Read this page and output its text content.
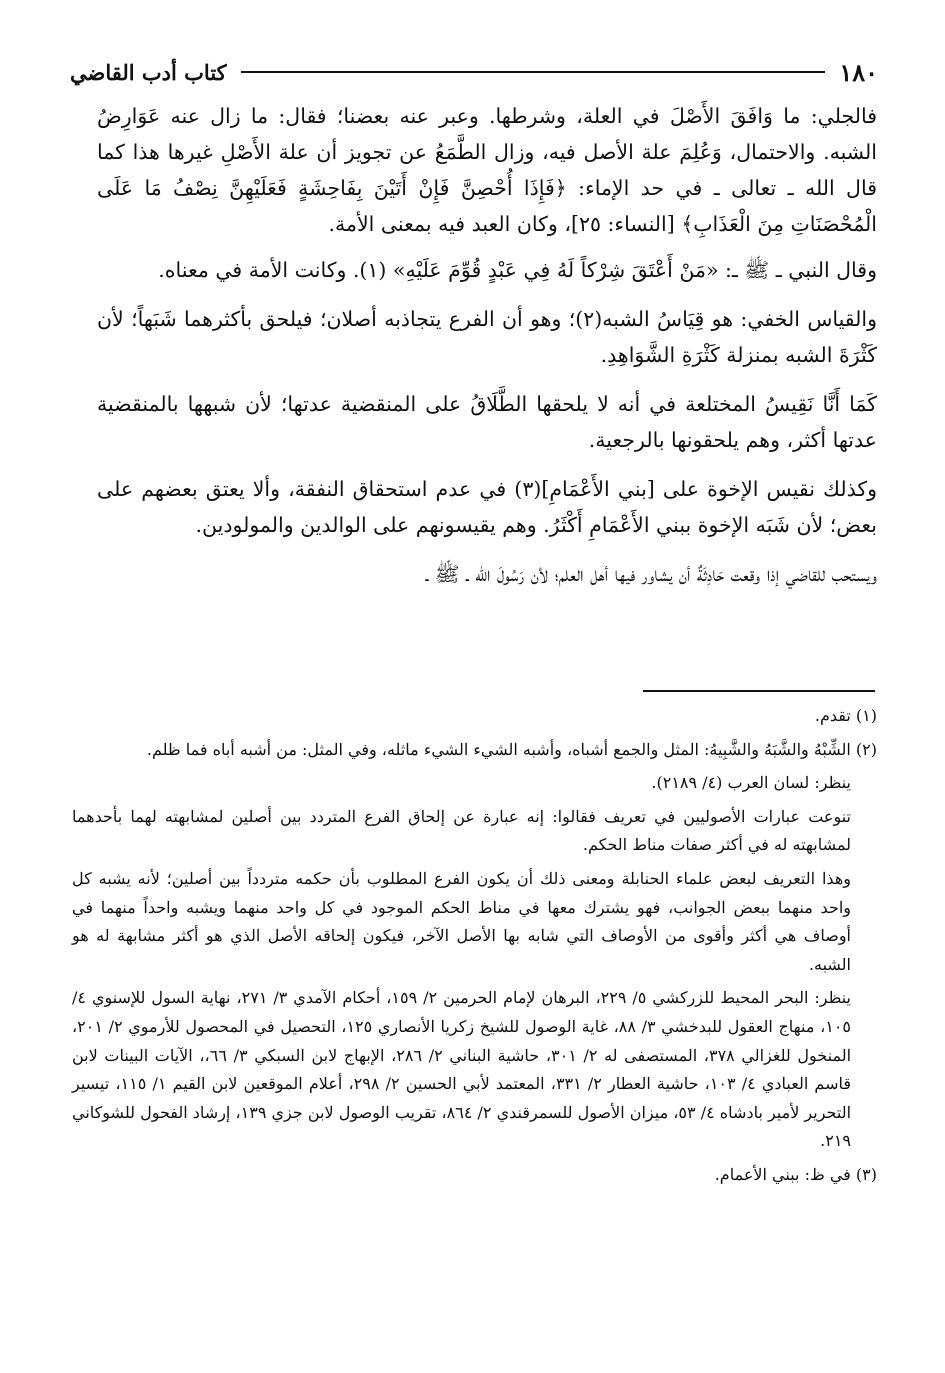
١٨٠
كتاب أدب القاضي

فالجلي: ما وَافَقَ الأَصْلَ في العلة، وشرطها. وعبر عنه بعضنا؛ فقال: ما زال عنه عَوَارِضُ الشبه. والاحتمال، وَعُلِمَ علة الأصل فيه، وزال الطَّمَعُ عن تجويز أن علة الأَصْلِ غيرها هذا كما قال الله ـ تعالى ـ في حد الإماء: ﴿فَإِذَا أُحْصِنَّ فَإِنْ أَتَيْنَ بِفَاحِشَةٍ فَعَلَيْهِنَّ نِصْفُ مَا عَلَى الْمُحْصَنَاتِ مِنَ الْعَذَابِ﴾ [النساء: ٢٥]، وكان العبد فيه بمعنى الأمة.

وقال النبي ـ ﷺ ـ: «مَنْ أَعْتَقَ شِرْكاً لَهُ فِي عَبْدٍ قُوِّمَ عَلَيْهِ» (١). وكانت الأمة في معناه.

والقياس الخفي: هو قِيَاسُ الشبه(٢)؛ وهو أن الفرع يتجاذبه أصلان؛ فيلحق بأكثرهما شَبَهاً؛ لأن كَثْرَةَ الشبه بمنزلة كَثْرَةِ الشَّوَاهِدِ.

كَمَا أَنَّا نَقِيسُ المختلعة في أنه لا يلحقها الطَّلَاقُ على المنقضية عدتها؛ لأن شبهها بالمنقضية عدتها أكثر، وهم يلحقونها بالرجعية.

وكذلك نقيس الإخوة على [بني الأَعْمَامِ](٣) في عدم استحقاق النفقة، وألا يعتق بعضهم على بعض؛ لأن شَبَه الإخوة ببني الأَعْمَامِ أَكْثَرُ. وهم يقيسونهم على الوالدين والمولودين.

ويستحب للقاضي إذا وقعت حَادِثَةٌ أن يشاور فيها أهل العلم؛ لأن رَسُولَ الله ـ ﷺ ـ

(١) تقدم.

(٢) الشِّبْهُ والشَّبَهُ والشَّبِيهُ: المثل والجمع أشباه، وأشبه الشيء الشيء ماثله، وفي المثل: من أشبه أباه فما ظلم.

ينظر: لسان العرب (٤/ ٢١٨٩).

تنوعت عبارات الأصوليين في تعريف فقالوا: إنه عبارة عن إلحاق الفرع المتردد بين أصلين لمشابهته لهما بأحدهما لمشابهته له في أكثر صفات مناط الحكم.

وهذا التعريف لبعض علماء الحنابلة ومعنى ذلك أن يكون الفرع المطلوب بأن حكمه متردداً بين أصلين؛ لأنه يشبه كل واحد منهما ببعض الجوانب، فهو يشترك معها في مناط الحكم الموجود في كل واحد منهما ويشبه واحداً منهما في أوصاف هي أكثر وأقوى من الأوصاف التي شابه بها الأصل الآخر، فيكون إلحاقه الأصل الذي هو أكثر مشابهة له هو الشبه.

ينظر: البحر المحيط للزركشي ٥/ ٢٢٩، البرهان لإمام الحرمين ٢/ ١٥٩، أحكام الآمدي ٣/ ٢٧١، نهاية السول للإسنوي ٤/ ١٠٥، منهاج العقول للبدخشي ٣/ ٨٨، غاية الوصول للشيخ زكريا الأنصاري ١٢٥، التحصيل في المحصول للأرموي ٢/ ٢٠١، المنخول للغزالي ٣٧٨، المستصفى له ٢/ ٣٠١، حاشية البناني ٢/ ٢٨٦، الإبهاج لابن السبكي ٣/ ٦٦،، الآيات البينات لابن قاسم العبادي ٤/ ١٠٣، حاشية العطار ٢/ ٣٣١، المعتمد لأبي الحسين ٢/ ٢٩٨، أعلام الموقعين لابن القيم ١/ ١١٥، تيسير التحرير لأمير بادشاه ٤/ ٥٣، ميزان الأصول للسمرقندي ٢/ ٨٦٤، تقريب الوصول لابن جزي ١٣٩، إرشاد الفحول للشوكاني ٢١٩.

(٣) في ظ: ببني الأعمام.
